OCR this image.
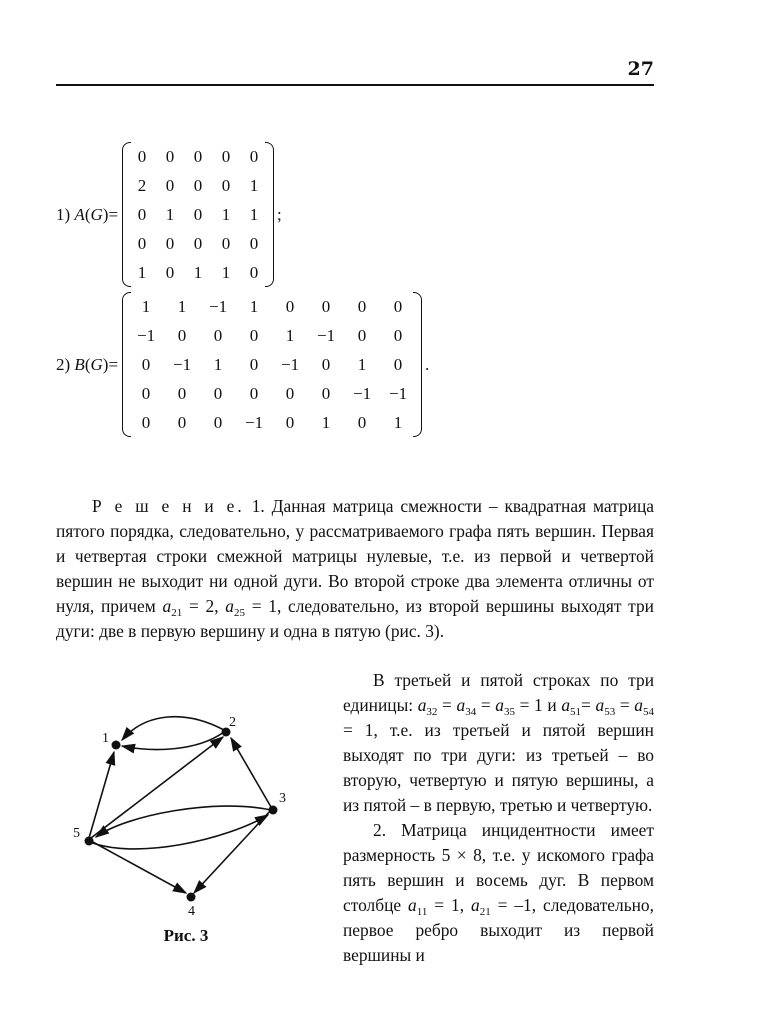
27
1) A(G)=
0	0	0	0	0
2	0	0	0	1
0	1	0	1	1
0	0	0	0	0
1	0	1	1	0
;
2) B(G)=
1	1	−1	1	0	0	0	0
−1	0	0	0	1	−1	0	0
0	−1	1	0	−1	0	1	0
0	0	0	0	0	0	−1	−1
0	0	0	−1	0	1	0	1
.

Р е ш е н и е. 1. Данная матрица смежности – квадратная матрица пятого порядка, следовательно, у рассматриваемого графа пять вершин. Первая и четвертая строки смежной матрицы нулевые, т.е. из первой и четвертой вершин не выходит ни одной дуги. Во второй строке два элемента отличны от нуля, причем $a_{21} = 2$, $a_{25} = 1$, следовательно, из второй вершины выходят три дуги: две в первую вершину и одна в пятую (рис. 3).

В третьей и пятой строках по три единицы: $a_{32} = a_{34} = a_{35} = 1$ и $a_{51}= a_{53} = a_{54} = 1$, т.е. из третьей и пятой вершин выходят по три дуги: из третьей – во вторую, четвертую и пятую вершины, а из пятой – в первую, третью и четвертую.

2. Матрица инцидентности имеет размерность 5 × 8, т.е. у искомого графа пять вершин и восемь дуг. В первом столбце $a_{11} = 1$, $a_{21} = -1$, следовательно, первое ребро выходит из первой вершины и

1
2
3
4
5
Рис. 3
